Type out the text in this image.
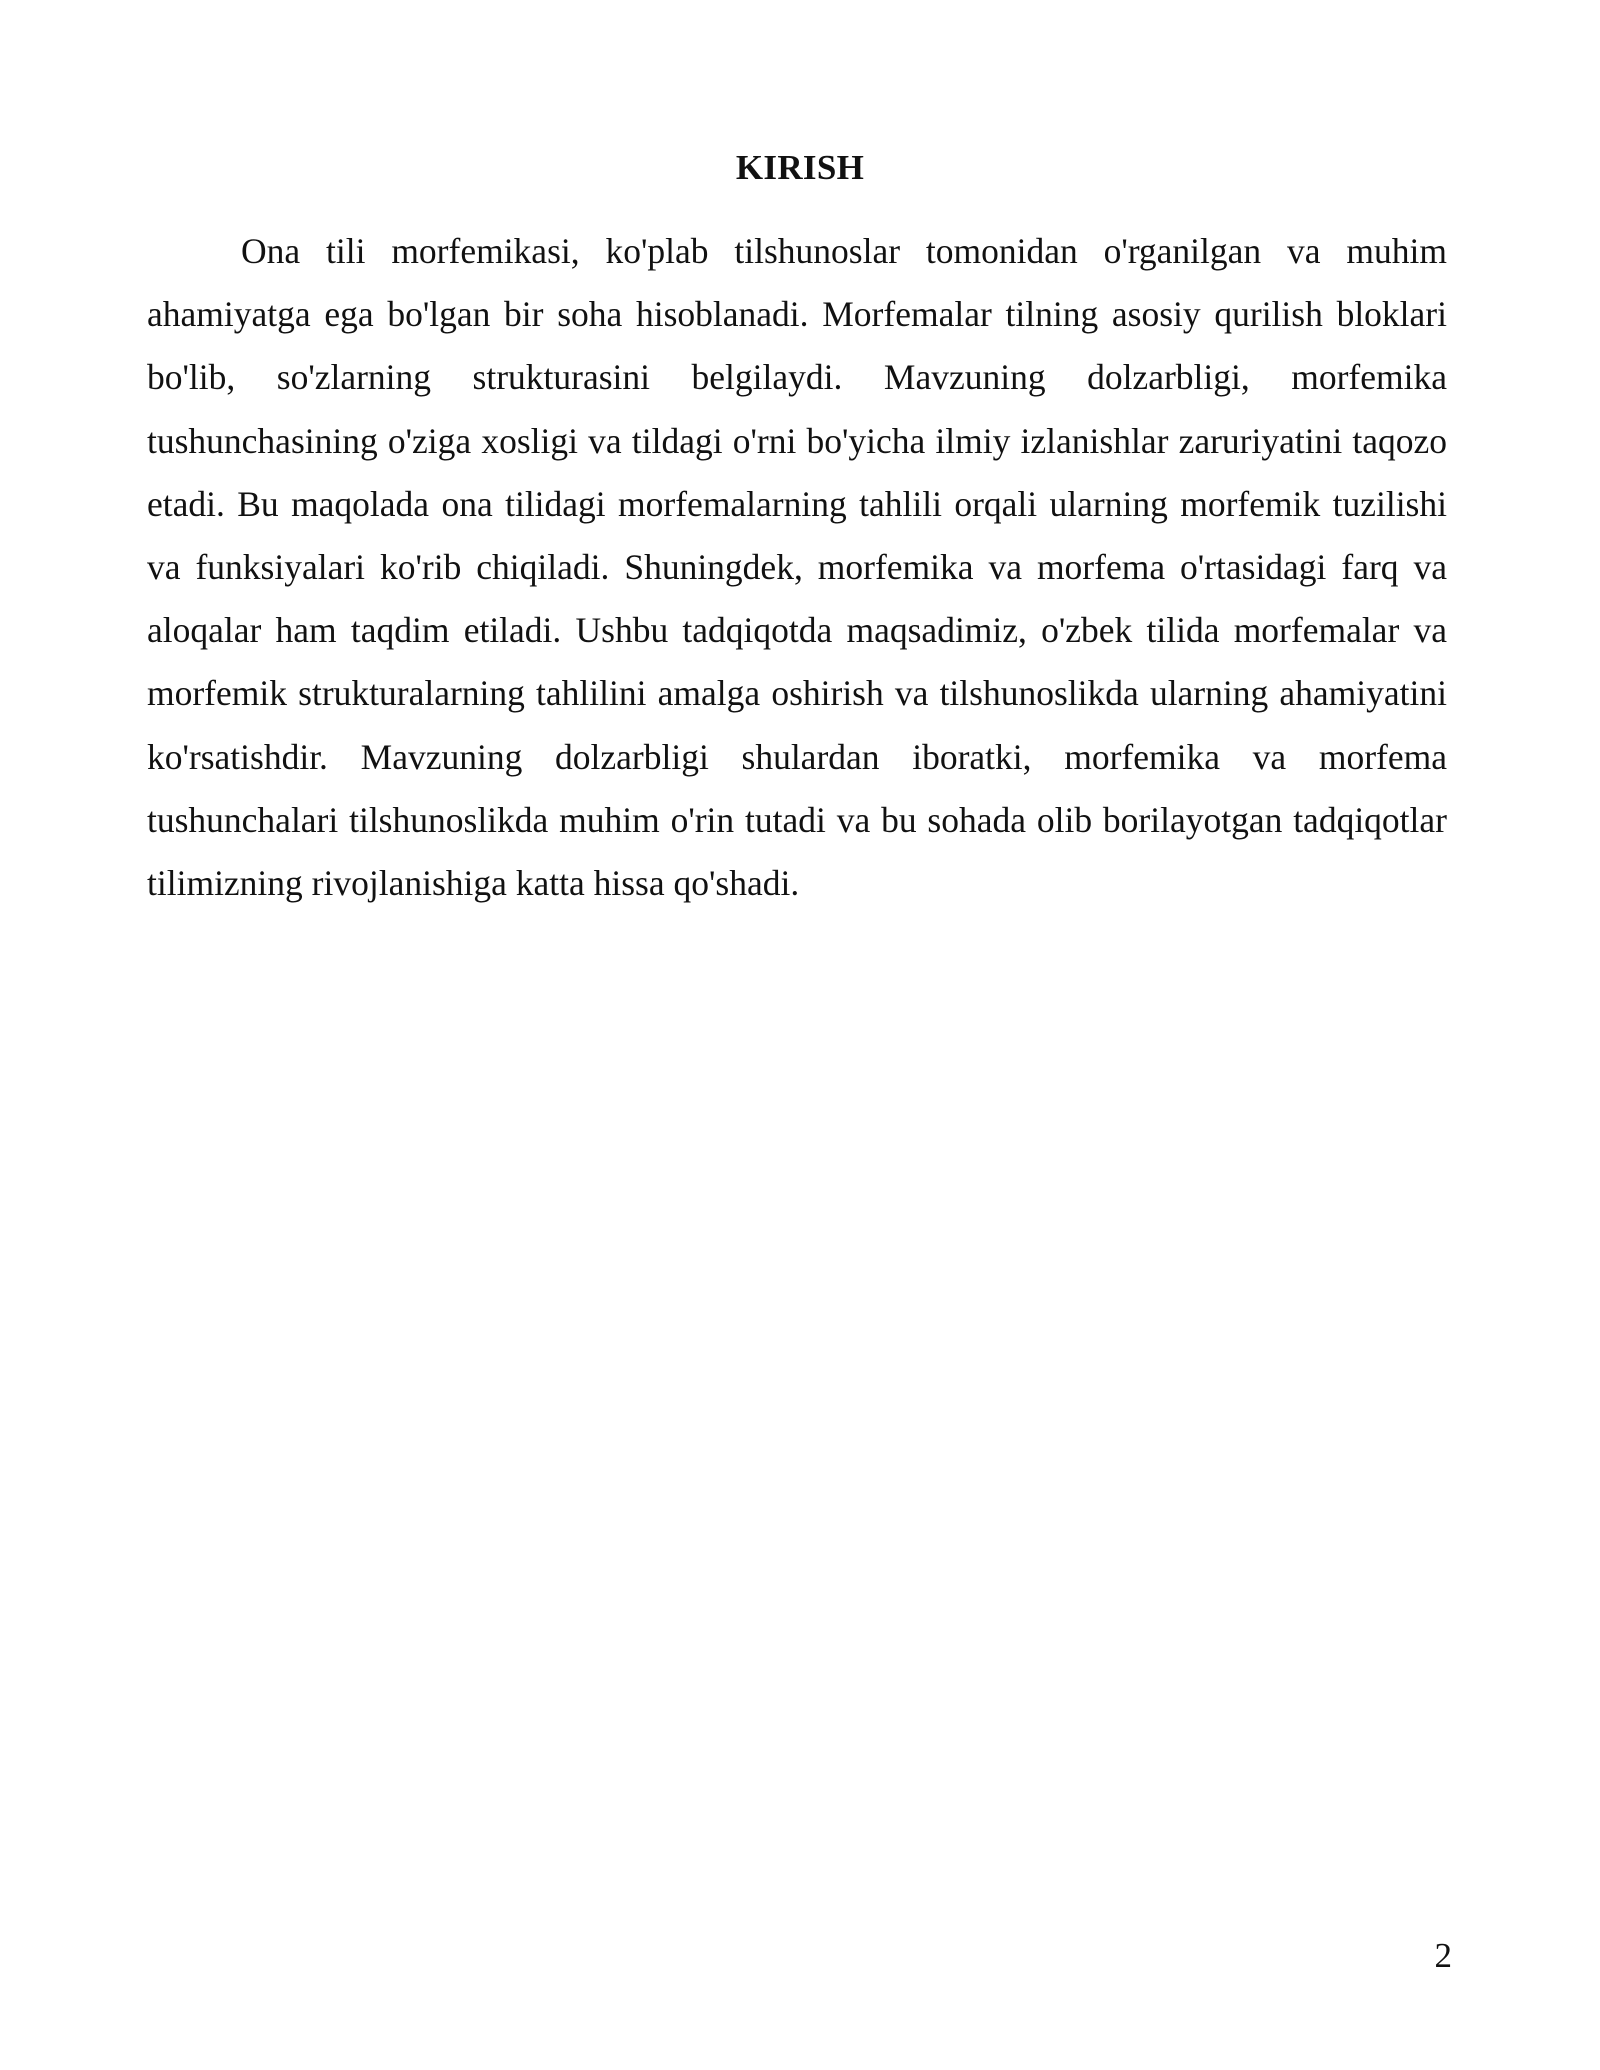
KIRISH

Ona tili morfemikasi, ko'plab tilshunoslar tomonidan o'rganilgan va muhim ahamiyatga ega bo'lgan bir soha hisoblanadi. Morfemalar tilning asosiy qurilish bloklari bo'lib, so'zlarning strukturasini belgilaydi. Mavzuning dolzarbligi, morfemika tushunchasining o'ziga xosligi va tildagi o'rni bo'yicha ilmiy izlanishlar zaruriyatini taqozo etadi. Bu maqolada ona tilidagi morfemalarning tahlili orqali ularning morfemik tuzilishi va funksiyalari ko'rib chiqiladi. Shuningdek, morfemika va morfema o'rtasidagi farq va aloqalar ham taqdim etiladi. Ushbu tadqiqotda maqsadimiz, o'zbek tilida morfemalar va morfemik strukturalarning tahlilini amalga oshirish va tilshunoslikda ularning ahamiyatini ko'rsatishdir. Mavzuning dolzarbligi shulardan iboratki, morfemika va morfema tushunchalari tilshunoslikda muhim o'rin tutadi va bu sohada olib borilayotgan tadqiqotlar tilimizning rivojlanishiga katta hissa qo'shadi.

2
